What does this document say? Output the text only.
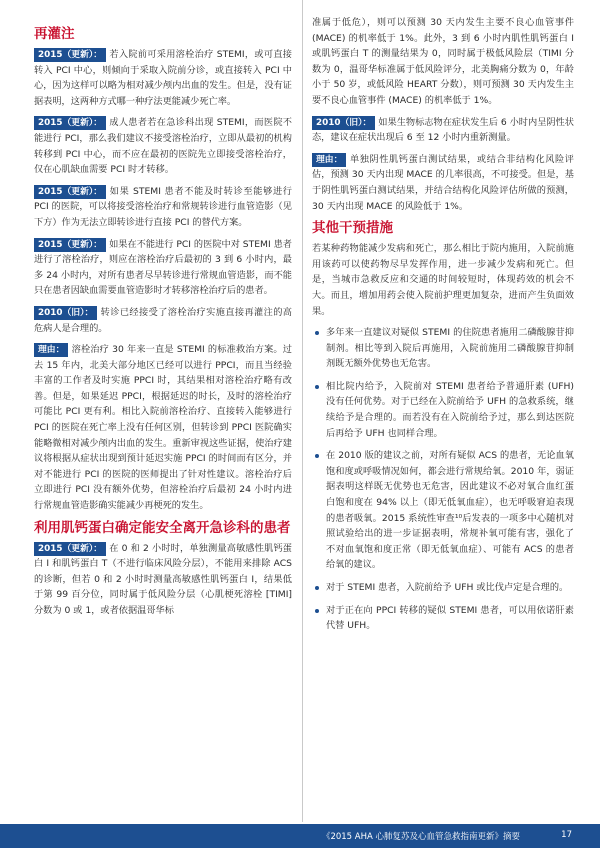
再灌注

2015（更新）： 若入院前可采用溶栓治疗 STEMI，或可直接转入 PCI 中心，则倾向于采取入院前分诊，或直接转入 PCI 中心，因为这样可以略为相对减少颅内出血的发生。但是，没有证据表明，这两种方式哪一种疗法更能减少死亡率。

2015（更新）： 成人患者若在急诊科出现 STEMI，而医院不能进行 PCI，那么我们建议不接受溶栓治疗，立即从最初的机构转移到 PCI 中心，而不应在最初的医院先立即接受溶栓治疗，仅在心肌缺血需要 PCI 时才转移。

2015（更新）： 如果 STEMI 患者不能及时转诊至能够进行 PCI 的医院，可以将接受溶栓治疗和常规转诊进行血管造影（见下方）作为无法立即转诊进行直接 PCI 的替代方案。

2015（更新）： 如果在不能进行 PCI 的医院中对 STEMI 患者进行了溶栓治疗，则应在溶栓治疗后最初的 3 到 6 小时内，最多 24 小时内，对所有患者尽早转诊进行常规血管造影，而不能只在患者因缺血需要血管造影时才转移溶栓治疗后的患者。

2010（旧）： 转诊已经接受了溶栓治疗实施直接再灌注的高危病人是合理的。

理由： 溶栓治疗 30 年来一直是 STEMI 的标准救治方案。过去 15 年内，北美大部分地区已经可以进行 PPCI，而且当经验丰富的工作者及时实施 PPCI 时，其结果相对溶栓治疗略有改善。但是，如果延迟 PPCI，根据延迟的时长，及时的溶栓治疗可能比 PCI 更有利。相比入院前溶栓治疗、直接转入能够进行 PCI 的医院在死亡率上没有任何区别，但转诊到 PPCI 医院确实能略微相对减少颅内出血的发生。重新审视这些证据，使治疗建议将根据从症状出现到预计延迟实施 PPCI 的时间而有区分，并对不能进行 PCI 的医院的医师提出了针对性建议。溶栓治疗后立即进行 PCI 没有额外优势，但溶栓治疗后最初 24 小时内进行常规血管造影确实能减少再梗死的发生。

利用肌钙蛋白确定能安全离开急诊科的患者

2015（更新）： 在 0 和 2 小时时，单独测量高敏感性肌钙蛋白 I 和肌钙蛋白 T（不进行临床风险分层），不能用来排除 ACS 的诊断，但若 0 和 2 小时时测量高敏感性肌钙蛋白 I，结果低于第 99 百分位，同时属于低风险分层（心肌梗死溶栓 [TIMI] 分数为 0 或 1，或者依据温哥华标

准属于低危），则可以预测 30 天内发生主要不良心血管事件 (MACE) 的机率低于 1%。此外，3 到 6 小时内肌性肌钙蛋白 I 或肌钙蛋白 T 的测量结果为 0，同时属于极低风险层（TIMI 分数为 0，温哥华标准属于低风险评分，北美胸痛分数为 0，年龄小于 50 岁，或低风险 HEART 分数），则可预测 30 天内发生主要不良心血管事件 (MACE) 的机率低于 1%。

2010（旧）： 如果生物标志物在症状发生后 6 小时内呈阴性状态，建议在症状出现后 6 至 12 小时内重新测量。

理由： 单独阴性肌钙蛋白测试结果，或结合非结构化风险评估，预测 30 天内出现 MACE 的几率很高，不可接受。但是，基于阴性肌钙蛋白测试结果，并结合结构化风险评估所做的预测，30 天内出现 MACE 的风险低于 1%。

其他干预措施

若某种药物能减少发病和死亡，那么相比于院内施用，入院前施用该药可以使药物尽早发挥作用，进一步减少发病和死亡。但是，当城市急救反应和交通的时间较短时，体现药效的机会不大。而且，增加用药会使入院前护理更加复杂，进而产生负面效果。

多年来一直建议对疑似 STEMI 的住院患者施用二磷酸腺苷抑制剂。相比等到入院后再施用，入院前施用二磷酸腺苷抑制剂既无额外优势也无危害。
相比院内给予，入院前对 STEMI 患者给予普通肝素 (UFH) 没有任何优势。对于已经在入院前给予 UFH 的急救系统，继续给予是合理的。而若没有在入院前给予过，那么到达医院后再给予 UFH 也同样合理。
在 2010 版的建议之前，对所有疑似 ACS 的患者，无论血氧饱和度或呼吸情况如何，都会进行常规给氧。2010 年，弱证据表明这样既无优势也无危害，因此建议不必对氧合血红蛋白饱和度在 94% 以上（即无低氧血症），也无呼吸窘迫表现的患者吸氧。2015 系统性审查¹⁰后发表的一项多中心随机对照试验给出的进一步证据表明，常规补氧可能有害，强化了不对血氧饱和度正常（即无低氧血症）、可能有 ACS 的患者给氧的建议。
对于 STEMI 患者，入院前给予 UFH 或比伐卢定是合理的。
对于正在向 PPCI 转移的疑似 STEMI 患者，可以用依诺肝素代替 UFH。
《2015 AHA 心肺复苏及心血管急救指南更新》摘要	17
